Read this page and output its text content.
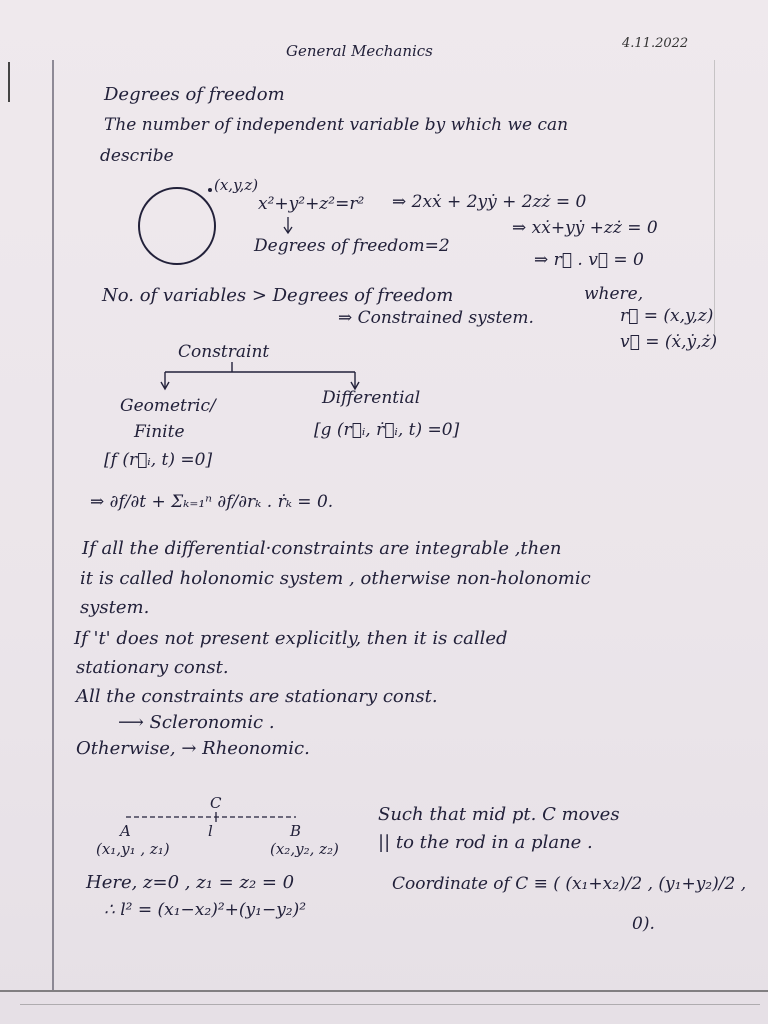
General Mechanics	4.11.2022
Degrees of freedom
The number of independent variable by which we can
describe
(x,y,z)
x²+y²+z²=r²
Degrees of freedom=2
⇒ 2xẋ + 2yẏ + 2zż = 0
⇒ xẋ+yẏ +zż = 0
⇒ r⃗ . v⃗ = 0
No. of variables > Degrees of freedom
⇒ Constrained system.
where,
r⃗ = (x,y,z)
v⃗ = (ẋ,ẏ,ż)
Constraint
Geometric/
Finite
[f (r⃗ᵢ, t) =0]
Differential
[g (r⃗ᵢ, ṙ⃗ᵢ, t) =0]
⇒ ∂f/∂t + Σₖ₌₁ⁿ ∂f/∂rₖ . ṙₖ = 0.
If all the differential·constraints are integrable ,then
it is called holonomic system , otherwise non-holonomic
system.
If 't' does not present explicitly, then it is called
stationary const.
All the constraints are stationary const.
⟶ Scleronomic .
Otherwise, → Rheonomic.
C
A	B
l
(x₁,y₁ , z₁)	(x₂,y₂, z₂)
Such that mid pt. C moves
|| to the rod in a plane .
Here, z=0 , z₁ = z₂ = 0
∴ l² = (x₁−x₂)²+(y₁−y₂)²
Coordinate of C ≡ ( (x₁+x₂)/2 , (y₁+y₂)/2 ,
0).
